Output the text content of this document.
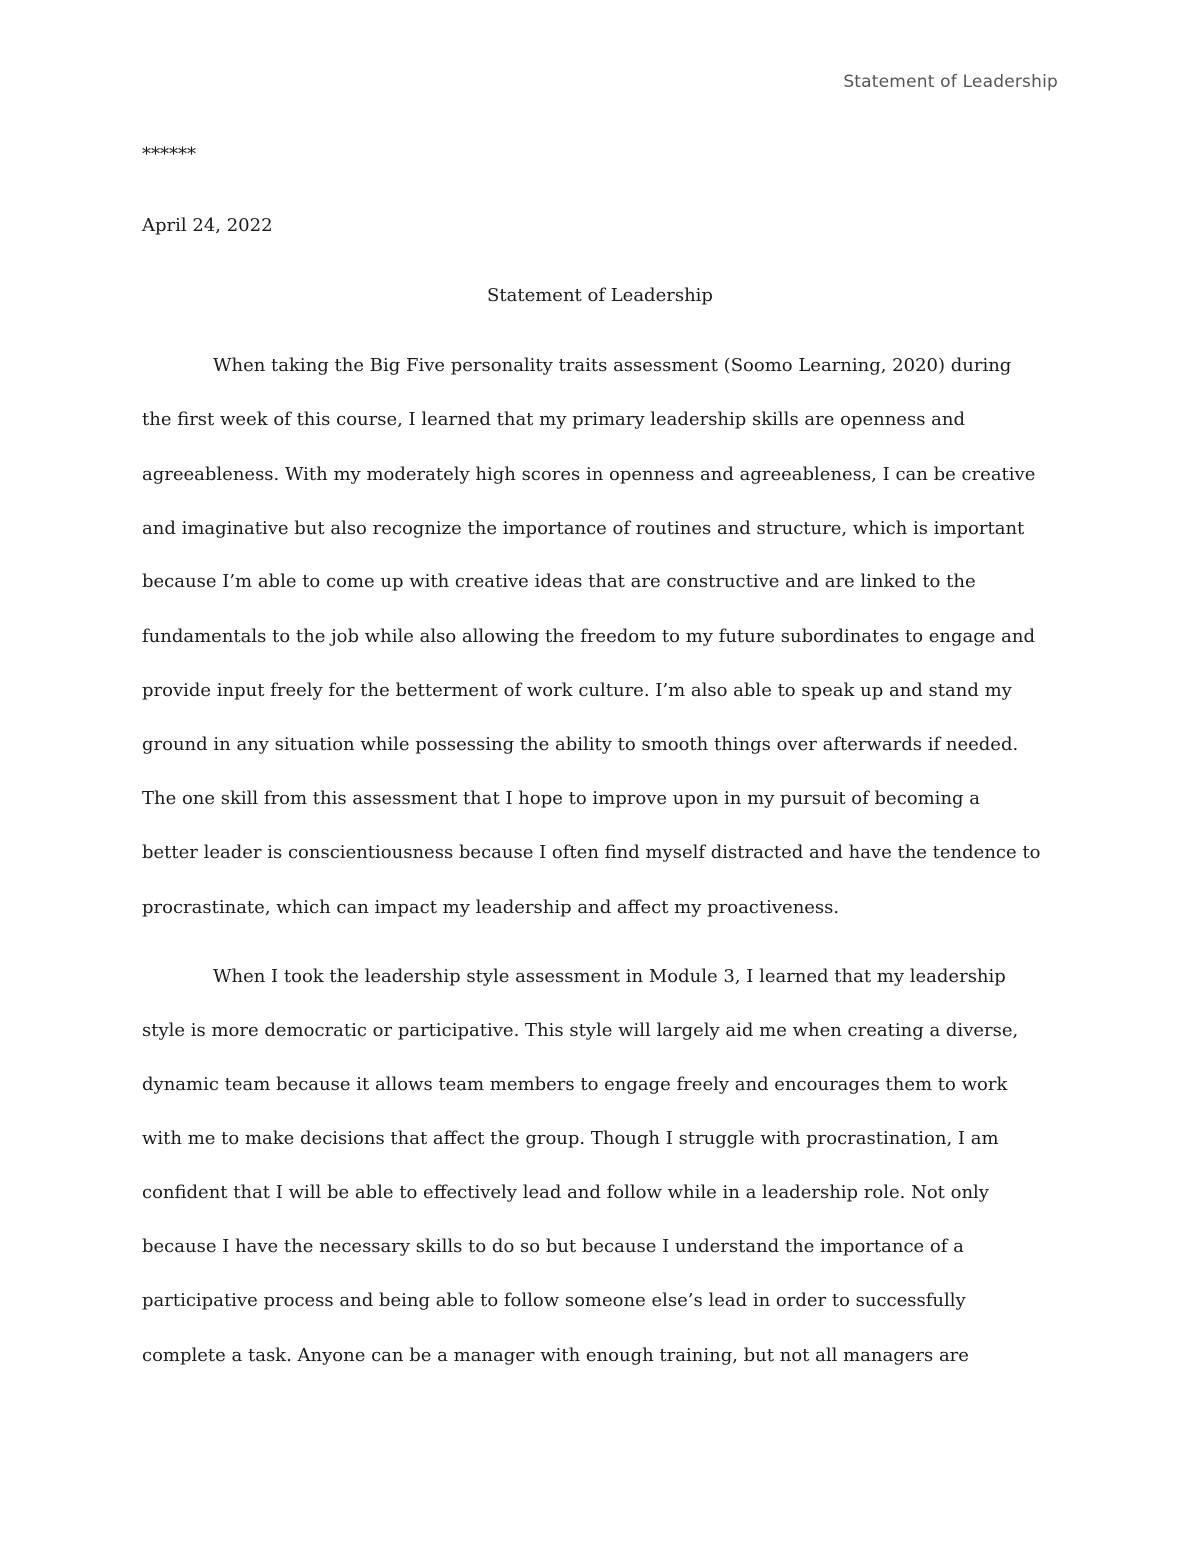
Statement of Leadership
******
April 24, 2022
Statement of Leadership
When taking the Big Five personality traits assessment (Soomo Learning, 2020) during
the first week of this course, I learned that my primary leadership skills are openness and
agreeableness. With my moderately high scores in openness and agreeableness, I can be creative
and imaginative but also recognize the importance of routines and structure, which is important
because I’m able to come up with creative ideas that are constructive and are linked to the
fundamentals to the job while also allowing the freedom to my future subordinates to engage and
provide input freely for the betterment of work culture. I’m also able to speak up and stand my
ground in any situation while possessing the ability to smooth things over afterwards if needed.
The one skill from this assessment that I hope to improve upon in my pursuit of becoming a
better leader is conscientiousness because I often find myself distracted and have the tendence to
procrastinate, which can impact my leadership and affect my proactiveness.
When I took the leadership style assessment in Module 3, I learned that my leadership
style is more democratic or participative. This style will largely aid me when creating a diverse,
dynamic team because it allows team members to engage freely and encourages them to work
with me to make decisions that affect the group. Though I struggle with procrastination, I am
confident that I will be able to effectively lead and follow while in a leadership role. Not only
because I have the necessary skills to do so but because I understand the importance of a
participative process and being able to follow someone else’s lead in order to successfully
complete a task. Anyone can be a manager with enough training, but not all managers are
